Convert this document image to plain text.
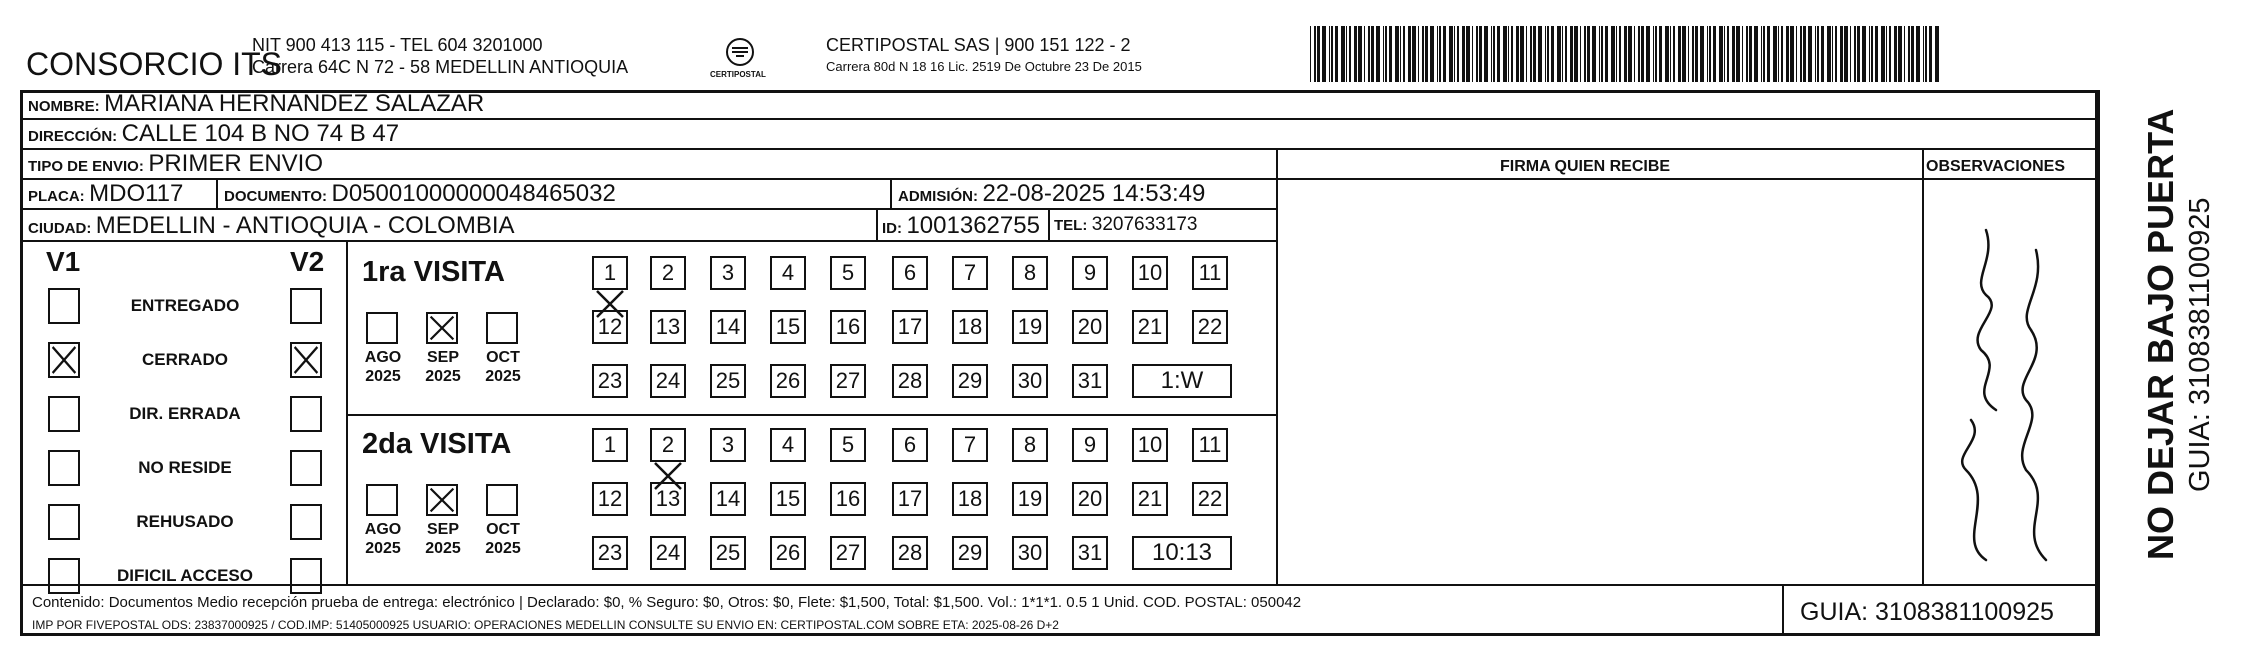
CONSORCIO ITS
NIT 900 413 115 - TEL 604 3201000
Carrera 64C N 72 - 58 MEDELLIN ANTIOQUIA	CERTIPOSTAL
CERTIPOSTAL SAS | 900 151 122 - 2
Carrera 80d N 18 16 Lic. 2519 De Octubre 23 De 2015
NOMBRE: MARIANA HERNANDEZ SALAZAR
DIRECCIÓN: CALLE 104 B NO 74 B 47
TIPO DE ENVIO: PRIMER ENVIO
PLACA: MDO117	DOCUMENTO: D0500100000004846503​2	ADMISIÓN: 22-08-2025 14:53:49
CIUDAD: MEDELLIN - ANTIOQUIA - COLOMBIA	ID: 1001362755 TEL: 3207633173
FIRMA QUIEN RECIBE	OBSERVACIONES
V1	V2
ENTREGADO
CERRADO
DIR. ERRADA
NO RESIDE
REHUSADO
DIFICIL ACCESO
1ra VISITA
AGO
2025
SEP
2025
OCT
2025
1	2	3	4	5	6	7	8	9	10 11
12 13 14 15 16 17 18 19 20 21 22
23 24 25 26 27 28 29 30 31	1:W
2da VISITA
AGO
2025
SEP
2025
OCT
2025
1	2	3	4	5	6	7	8	9	10 11
12 13 14 15 16 17 18 19 20 21 22
23 24 25 26 27 28 29 30 31	10:13
Contenido: Documentos Medio recepción prueba de entrega: electrónico | Declarado: $0, % Seguro: $0, Otros: $0, Flete: $1,500, Total: $1,500. Vol.: 1*1*1. 0.5 1 Unid. COD. POSTAL: 050042
IMP POR FIVEPOSTAL ODS: 23837000925 / COD.IMP: 51405000925 USUARIO: OPERACIONES MEDELLIN CONSULTE SU ENVIO EN: CERTIPOSTAL.COM SOBRE ETA: 2025-08-26 D+2	GUIA: 3108381100925
NO DEJAR BAJO PUERTA GUIA: 3108381100925
